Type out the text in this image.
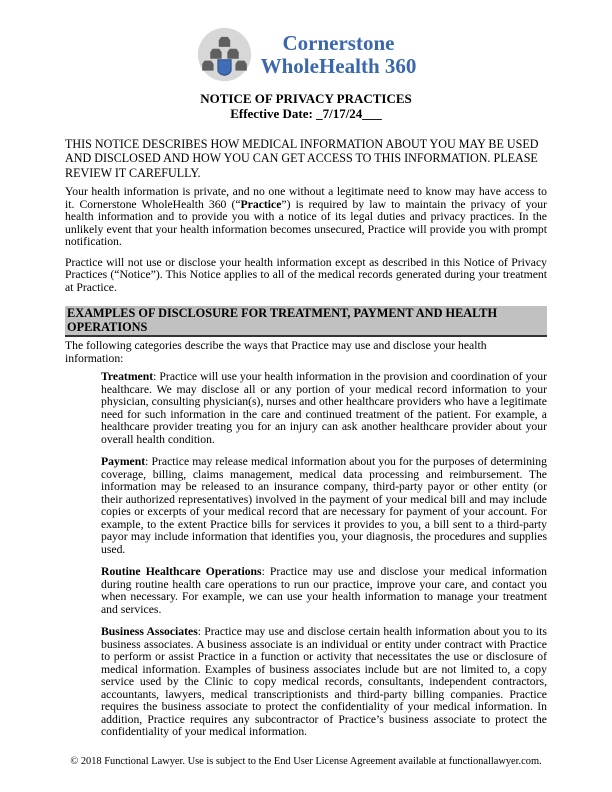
Cornerstone
WholeHealth 360
NOTICE OF PRIVACY PRACTICES
Effective Date: _7/17/24___

THIS NOTICE DESCRIBES HOW MEDICAL INFORMATION ABOUT YOU MAY BE USED AND DISCLOSED AND HOW YOU CAN GET ACCESS TO THIS INFORMATION. PLEASE REVIEW IT CAREFULLY.

Your health information is private, and no one without a legitimate need to know may have access to it. Cornerstone WholeHealth 360 (“Practice”) is required by law to maintain the privacy of your health information and to provide you with a notice of its legal duties and privacy practices. In the unlikely event that your health information becomes unsecured, Practice will provide you with prompt notification.

Practice will not use or disclose your health information except as described in this Notice of Privacy Practices (“Notice”). This Notice applies to all of the medical records generated during your treatment at Practice.

EXAMPLES OF DISCLOSURE FOR TREATMENT, PAYMENT AND HEALTH OPERATIONS

The following categories describe the ways that Practice may use and disclose your health information:

Treatment: Practice will use your health information in the provision and coordination of your healthcare. We may disclose all or any portion of your medical record information to your physician, consulting physician(s), nurses and other healthcare providers who have a legitimate need for such information in the care and continued treatment of the patient. For example, a healthcare provider treating you for an injury can ask another healthcare provider about your overall health condition.

Payment: Practice may release medical information about you for the purposes of determining coverage, billing, claims management, medical data processing and reimbursement. The information may be released to an insurance company, third-party payor or other entity (or their authorized representatives) involved in the payment of your medical bill and may include copies or excerpts of your medical record that are necessary for payment of your account. For example, to the extent Practice bills for services it provides to you, a bill sent to a third-party payor may include information that identifies you, your diagnosis, the procedures and supplies used.

Routine Healthcare Operations: Practice may use and disclose your medical information during routine health care operations to run our practice, improve your care, and contact you when necessary. For example, we can use your health information to manage your treatment and services.

Business Associates: Practice may use and disclose certain health information about you to its business associates. A business associate is an individual or entity under contract with Practice to perform or assist Practice in a function or activity that necessitates the use or disclosure of medical information. Examples of business associates include but are not limited to, a copy service used by the Clinic to copy medical records, consultants, independent contractors, accountants, lawyers, medical transcriptionists and third-party billing companies. Practice requires the business associate to protect the confidentiality of your medical information. In addition, Practice requires any subcontractor of Practice’s business associate to protect the confidentiality of your medical information.

© 2018 Functional Lawyer. Use is subject to the End User License Agreement available at functionallawyer.com.
